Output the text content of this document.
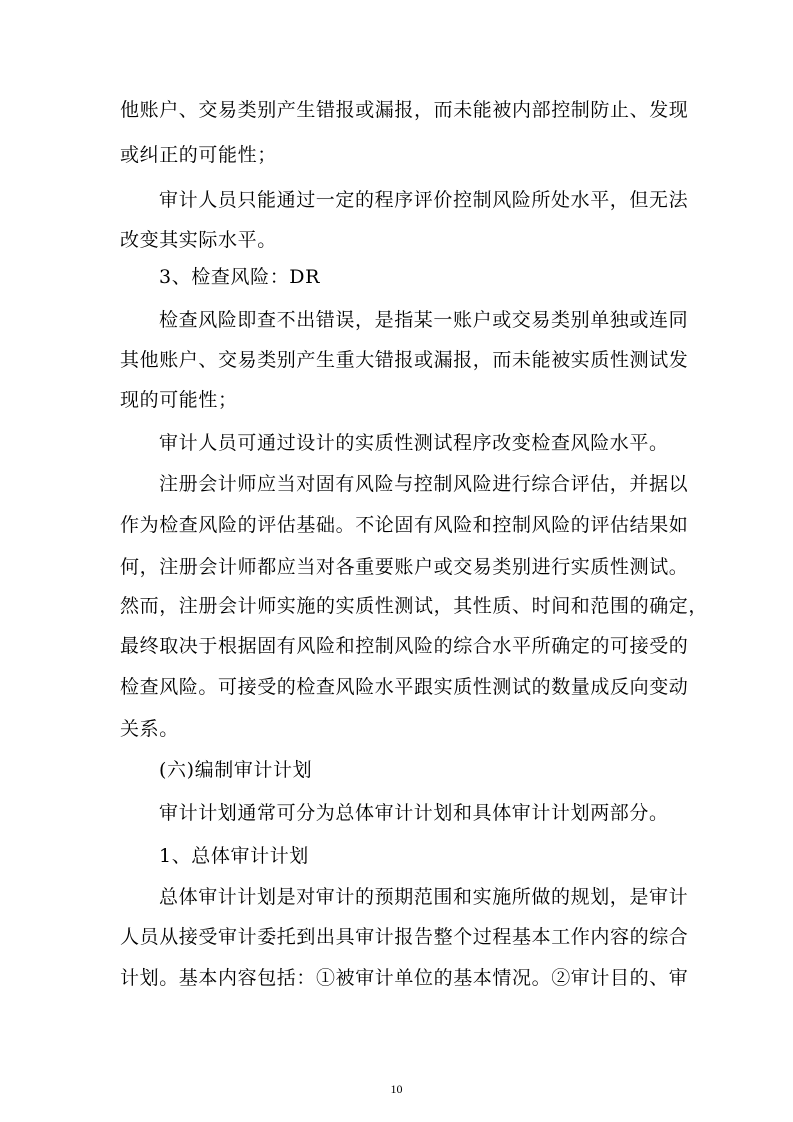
他账户、交易类别产生错报或漏报，而未能被内部控制防止、发现
或纠正的可能性；
审计人员只能通过一定的程序评价控制风险所处水平，但无法
改变其实际水平。
3、检查风险：DR
检查风险即查不出错误，是指某一账户或交易类别单独或连同
其他账户、交易类别产生重大错报或漏报，而未能被实质性测试发
现的可能性；
审计人员可通过设计的实质性测试程序改变检查风险水平。
注册会计师应当对固有风险与控制风险进行综合评估，并据以
作为检查风险的评估基础。不论固有风险和控制风险的评估结果如
何，注册会计师都应当对各重要账户或交易类别进行实质性测试。
然而，注册会计师实施的实质性测试，其性质、时间和范围的确定，
最终取决于根据固有风险和控制风险的综合水平所确定的可接受的
检查风险。可接受的检查风险水平跟实质性测试的数量成反向变动
关系。
(六)编制审计计划
审计计划通常可分为总体审计计划和具体审计计划两部分。
1、总体审计计划
总体审计计划是对审计的预期范围和实施所做的规划，是审计
人员从接受审计委托到出具审计报告整个过程基本工作内容的综合
计划。基本内容包括：①被审计单位的基本情况。②审计目的、审
10
